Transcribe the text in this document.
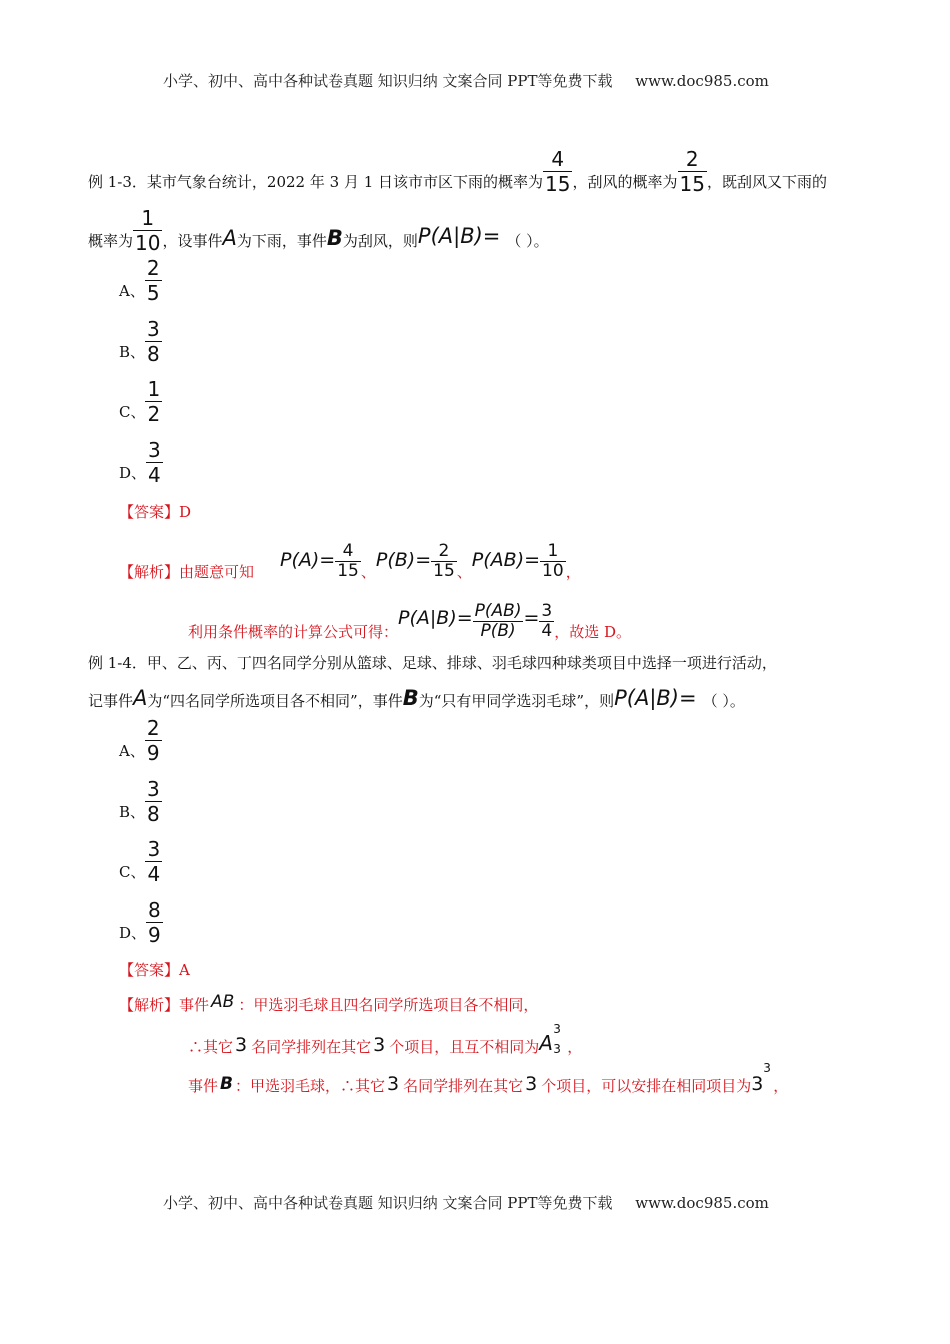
小学、初中、高中各种试卷真题 知识归纳 文案合同 PPT等免费下载 www.doc985.com
例 1-3．某市气象台统计，2022 年 3 月 1 日该市市区下雨的概率为 $\frac{4}{15}$ ，刮风的概率为 $\frac{2}{15}$ ，既刮风又下雨的
概率为 $\frac{1}{10}$ ，设事件 A 为下雨，事件 B 为刮风，则 P(A|B)= （ ）。
A、 $\frac{2}{5}$
B、 $\frac{3}{8}$
C、 $\frac{1}{2}$
D、 $\frac{3}{4}$
【答案】D
【解析】 由题意可知
$P(A)= \frac{4}{15}$ 、
$P(B)= \frac{2}{15}$ 、
$P(AB)= \frac{1}{10}$ ，
利用条件概率的计算公式可得：
$P(A|B)= \frac{P(AB)}{P(B)} = \frac{3}{4}$ ，故选 D。
例 1-4．甲、乙、丙、丁四名同学分别从篮球、足球、排球、羽毛球四种球类项目中选择一项进行活动，
记事件 A 为“四名同学所选项目各不相同”，事件 B 为“只有甲同学选羽毛球”，则 P(A|B)= （ ）。
A、 $\frac{2}{9}$
B、 $\frac{3}{8}$
C、 $\frac{3}{4}$
D、 $\frac{8}{9}$
【答案】A
【解析】 事件 AB ：甲选羽毛球且四名同学所选项目各不相同，
∴其它 3 名同学排列在其它 3 个项目，且互不相同为 A
3
3 ，
事件 B ：甲选羽毛球，∴其它 3 名同学排列在其它 3 个项目，可以安排在相同项目为 3
3
，
小学、初中、高中各种试卷真题 知识归纳 文案合同 PPT等免费下载 www.doc985.com
